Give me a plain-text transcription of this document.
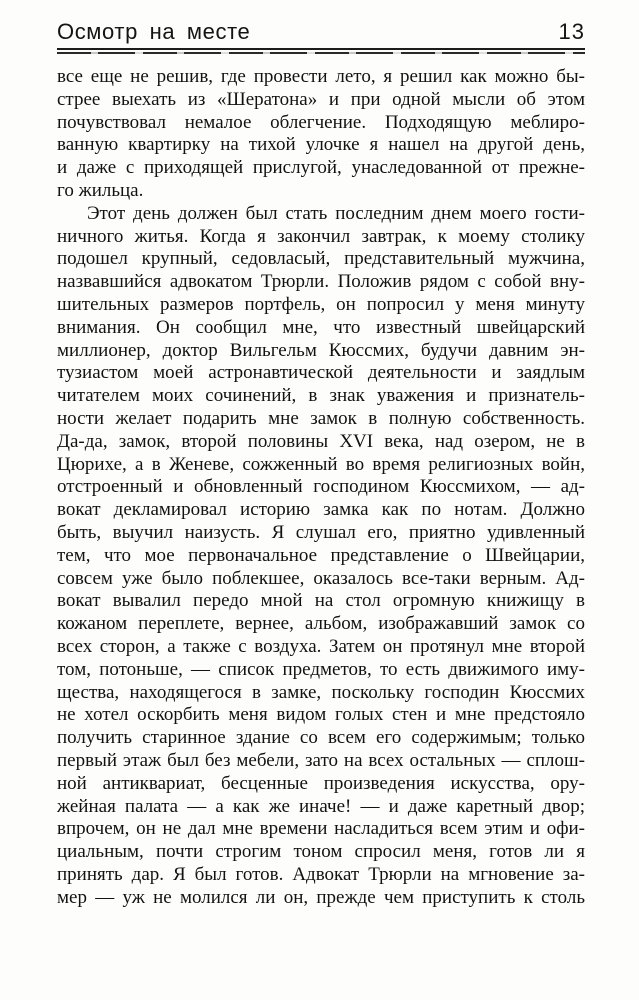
Осмотр на месте	13
все еще не решив, где провести лето, я решил как можно бы-
стрее выехать из «Шератона» и при одной мысли об этом
почувствовал немалое облегчение. Подходящую меблиро-
ванную квартирку на тихой улочке я нашел на другой день,
и даже с приходящей прислугой, унаследованной от прежне-
го жильца.
Этот день должен был стать последним днем моего гости-
ничного житья. Когда я закончил завтрак, к моему столику
подошел крупный, седовласый, представительный мужчина,
назвавшийся адвокатом Трюрли. Положив рядом с собой вну-
шительных размеров портфель, он попросил у меня минуту
внимания. Он сообщил мне, что известный швейцарский
миллионер, доктор Вильгельм Кюссмих, будучи давним эн-
тузиастом моей астронавтической деятельности и заядлым
читателем моих сочинений, в знак уважения и признатель-
ности желает подарить мне замок в полную собственность.
Да-да, замок, второй половины XVI века, над озером, не в
Цюрихе, а в Женеве, сожженный во время религиозных войн,
отстроенный и обновленный господином Кюссмихом, — ад-
вокат декламировал историю замка как по нотам. Должно
быть, выучил наизусть. Я слушал его, приятно удивленный
тем, что мое первоначальное представление о Швейцарии,
совсем уже было поблекшее, оказалось все-таки верным. Ад-
вокат вывалил передо мной на стол огромную книжищу в
кожаном переплете, вернее, альбом, изображавший замок со
всех сторон, а также с воздуха. Затем он протянул мне второй
том, потоньше, — список предметов, то есть движимого иму-
щества, находящегося в замке, поскольку господин Кюссмих
не хотел оскорбить меня видом голых стен и мне предстояло
получить старинное здание со всем его содержимым; только
первый этаж был без мебели, зато на всех остальных — сплош-
ной антиквариат, бесценные произведения искусства, ору-
жейная палата — а как же иначе! — и даже каретный двор;
впрочем, он не дал мне времени насладиться всем этим и офи-
циальным, почти строгим тоном спросил меня, готов ли я
принять дар. Я был готов. Адвокат Трюрли на мгновение за-
мер — уж не молился ли он, прежде чем приступить к столь
